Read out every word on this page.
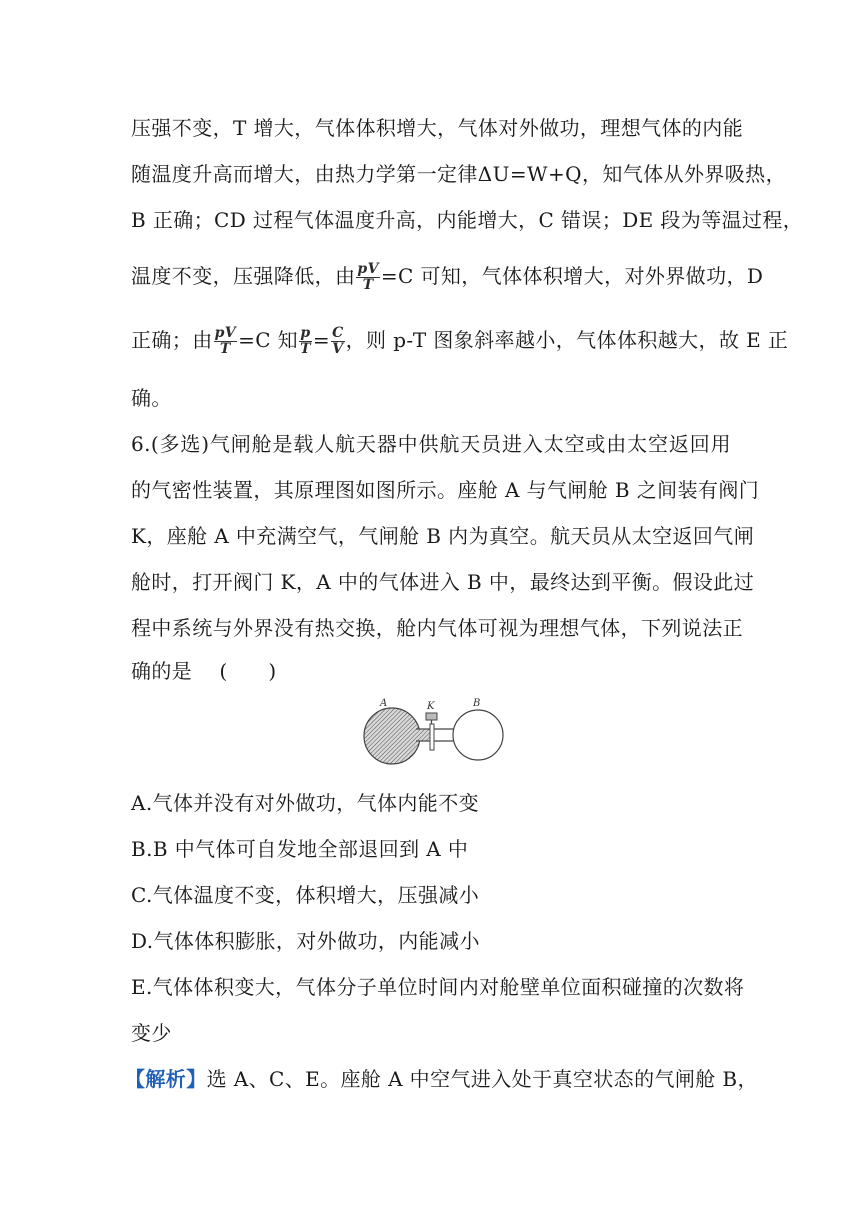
压强不变，T 增大，气体体积增大，气体对外做功，理想气体的内能
随温度升高而增大，由热力学第一定律ΔU=W+Q，知气体从外界吸热，
B 正确；CD 过程气体温度升高，内能增大，C 错误；DE 段为等温过程，
温度不变，压强降低，由 $\frac{pV}{T} =C$ 可知，气体体积增大，对外界做功，D
正确；由 $\frac{pV}{T} =C$ 知 $\frac{p}{T} = \frac{C}{V}$ ，则 p-T 图象斜率越小，气体体积越大，故 E 正
确。
6.(多选)气闸舱是载人航天器中供航天员进入太空或由太空返回用
的气密性装置，其原理图如图所示。座舱 A 与气闸舱 B 之间装有阀门
K，座舱 A 中充满空气，气闸舱 B 内为真空。航天员从太空返回气闸
舱时，打开阀门 K，A 中的气体进入 B 中，最终达到平衡。假设此过
程中系统与外界没有热交换，舱内气体可视为理想气体，下列说法正
确的是　 (　　)
A	K	B
A.气体并没有对外做功，气体内能不变
B.B 中气体可自发地全部退回到 A 中
C.气体温度不变，体积增大，压强减小
D.气体体积膨胀，对外做功，内能减小
E.气体体积变大，气体分子单位时间内对舱壁单位面积碰撞的次数将
变少
【解析】选 A、C、E。座舱 A 中空气进入处于真空状态的气闸舱 B，
